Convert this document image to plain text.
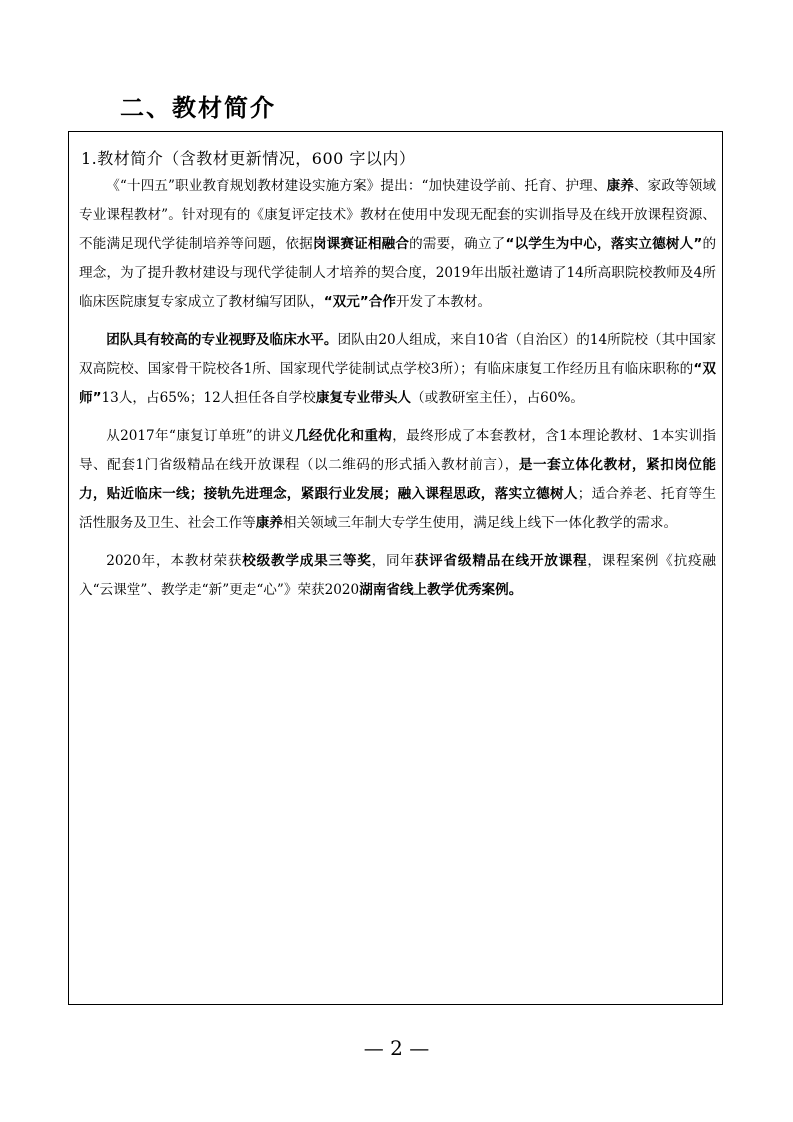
二、教材简介
1.教材简介（含教材更新情况，600 字以内）

《“十四五”职业教育规划教材建设实施方案》提出：“加快建设学前、托育、护理、康养、家政等领域专业课程教材”。针对现有的《康复评定技术》教材在使用中发现无配套的实训指导及在线开放课程资源、不能满足现代学徒制培养等问题，依据岗课赛证相融合的需要，确立了“以学生为中心，落实立德树人”的理念，为了提升教材建设与现代学徒制人才培养的契合度，2019年出版社邀请了14所高职院校教师及4所临床医院康复专家成立了教材编写团队，“双元”合作开发了本教材。

团队具有较高的专业视野及临床水平。团队由20人组成，来自10省（自治区）的14所院校（其中国家双高院校、国家骨干院校各1所、国家现代学徒制试点学校3所）；有临床康复工作经历且有临床职称的“双师”13人，占65%；12人担任各自学校康复专业带头人（或教研室主任），占60%。

从2017年“康复订单班”的讲义几经优化和重构，最终形成了本套教材，含1本理论教材、1本实训指导、配套1门省级精品在线开放课程（以二维码的形式插入教材前言），是一套立体化教材，紧扣岗位能力，贴近临床一线；接轨先进理念，紧跟行业发展；融入课程思政，落实立德树人；适合养老、托育等生活性服务及卫生、社会工作等康养相关领域三年制大专学生使用，满足线上线下一体化教学的需求。

2020年，本教材荣获校级教学成果三等奖，同年获评省级精品在线开放课程，课程案例《抗疫融入“云课堂”、教学走“新”更走“心”》荣获2020湖南省线上教学优秀案例。

— 2 —
